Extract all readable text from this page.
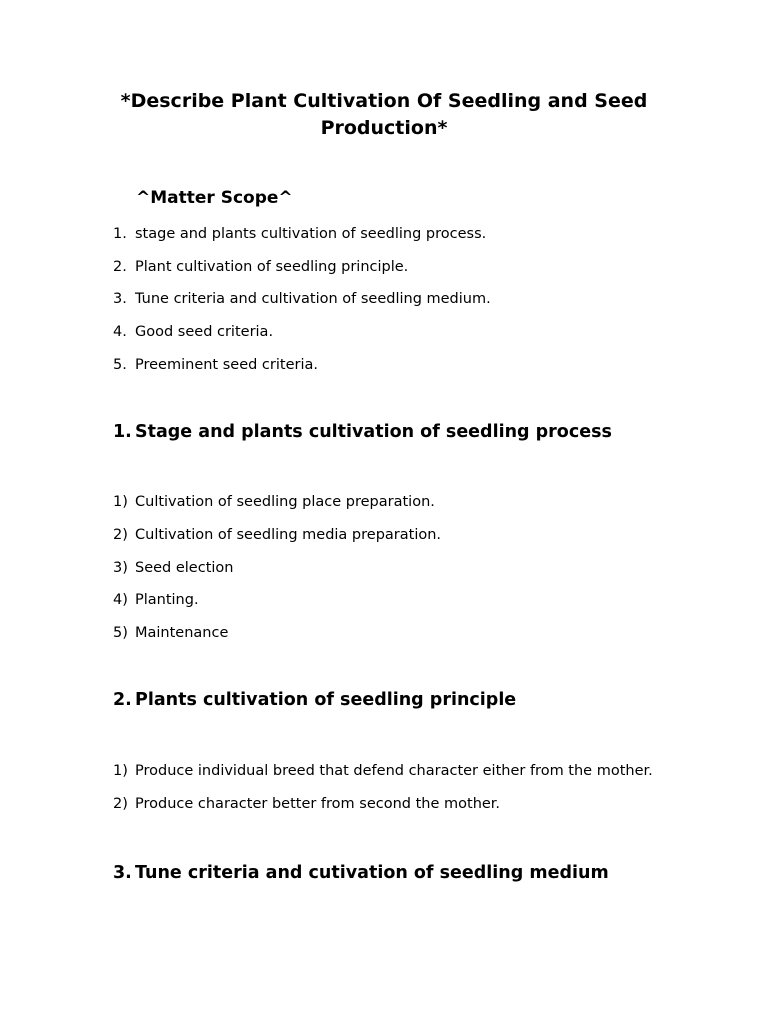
*Describe Plant Cultivation Of Seedling and Seed Production*
^Matter Scope^
1. stage and plants cultivation of seedling process.
2. Plant cultivation of seedling principle.
3. Tune criteria and cultivation of seedling medium.
4. Good seed criteria.
5. Preeminent seed criteria.
1. Stage and plants cultivation of seedling process
1) Cultivation of seedling place preparation.
2) Cultivation of seedling media preparation.
3) Seed election
4) Planting.
5) Maintenance
2. Plants cultivation of seedling principle
1) Produce individual breed that defend character either from the mother.
2) Produce character better from second the mother.
3. Tune criteria and cutivation of seedling medium
